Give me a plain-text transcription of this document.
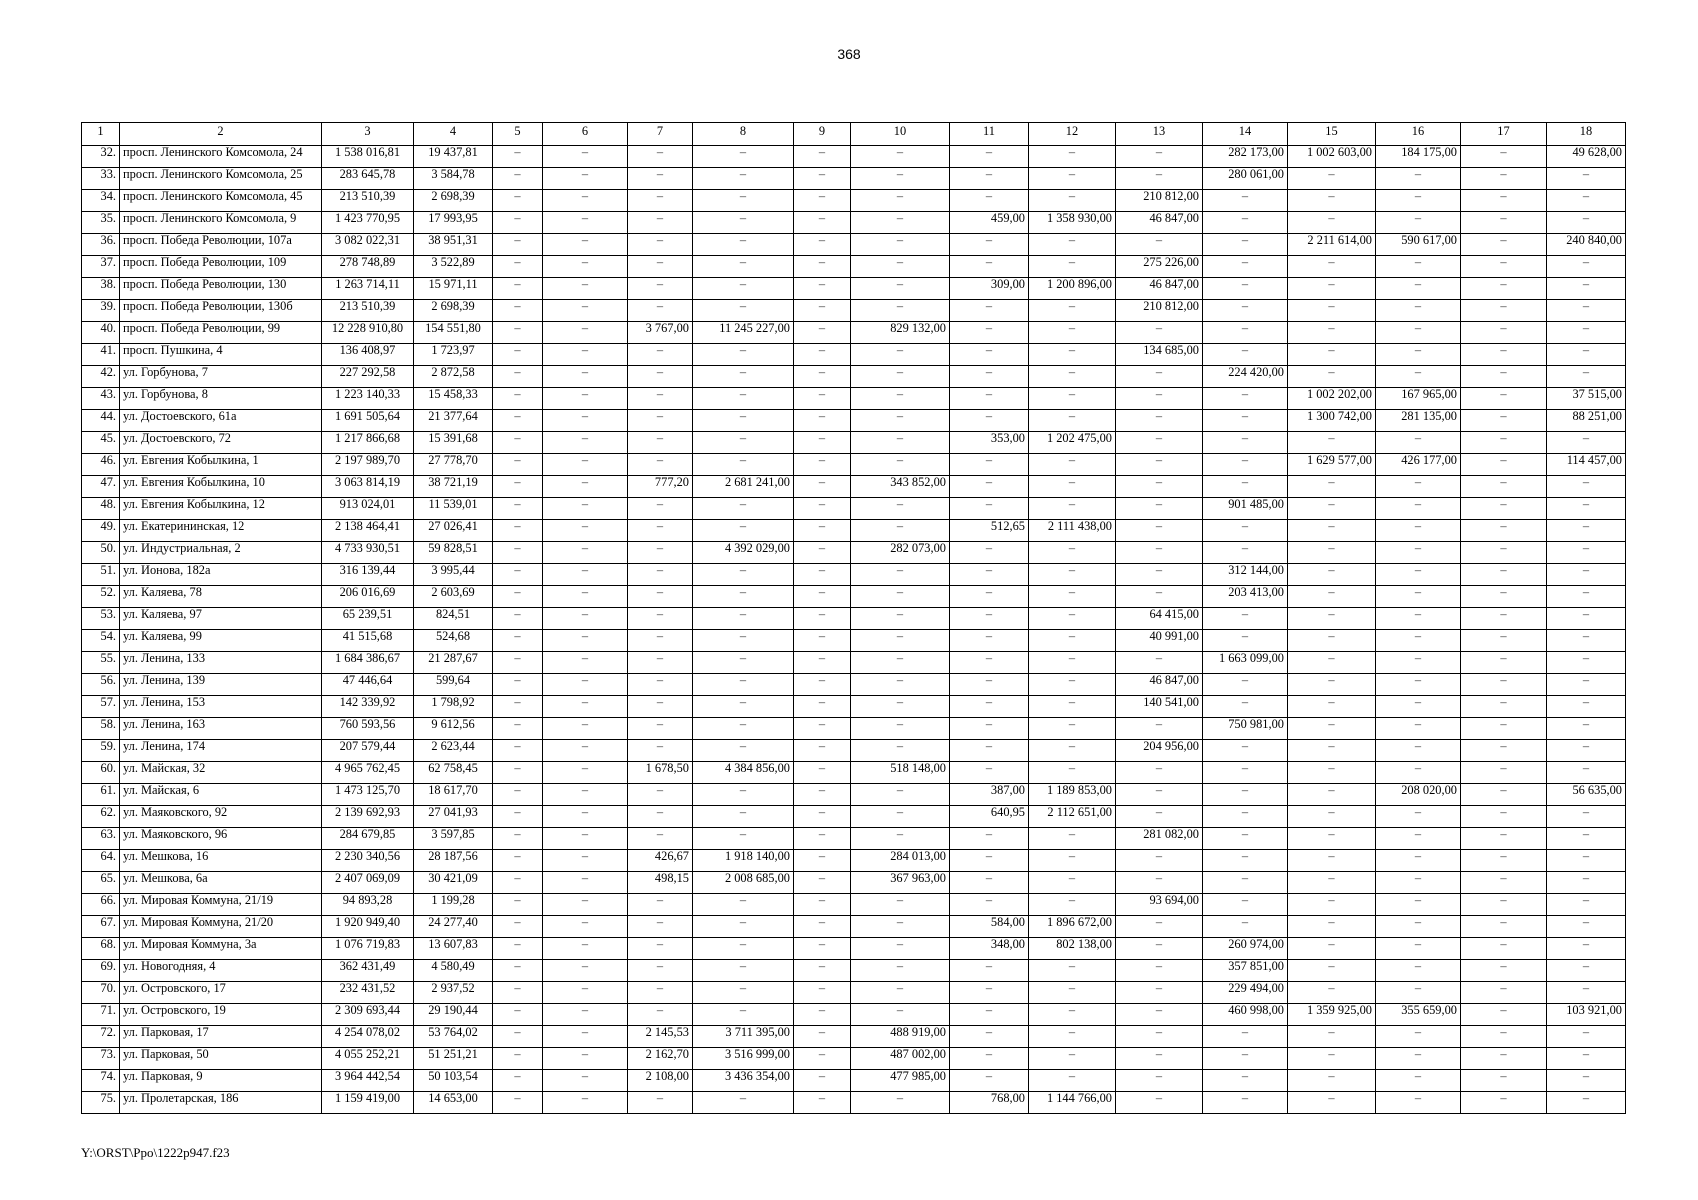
368
1	2	3	4	5	6	7	8	9	10	11	12	13	14	15	16	17	18
32.	просп. Ленинского Комсомола, 24	1 538 016,81	19 437,81	–	–	–	–	–	–	–	–	–	282 173,00	1 002 603,00	184 175,00	–	49 628,00
33.	просп. Ленинского Комсомола, 25	283 645,78	3 584,78	–	–	–	–	–	–	–	–	–	280 061,00	–	–	–	–
34.	просп. Ленинского Комсомола, 45	213 510,39	2 698,39	–	–	–	–	–	–	–	–	210 812,00	–	–	–	–	–
35.	просп. Ленинского Комсомола, 9	1 423 770,95	17 993,95	–	–	–	–	–	–	459,00	1 358 930,00	46 847,00	–	–	–	–	–
36.	просп. Победа Революции, 107а	3 082 022,31	38 951,31	–	–	–	–	–	–	–	–	–	–	2 211 614,00	590 617,00	–	240 840,00
37.	просп. Победа Революции, 109	278 748,89	3 522,89	–	–	–	–	–	–	–	–	275 226,00	–	–	–	–	–
38.	просп. Победа Революции, 130	1 263 714,11	15 971,11	–	–	–	–	–	–	309,00	1 200 896,00	46 847,00	–	–	–	–	–
39.	просп. Победа Революции, 130б	213 510,39	2 698,39	–	–	–	–	–	–	–	–	210 812,00	–	–	–	–	–
40.	просп. Победа Революции, 99	12 228 910,80	154 551,80	–	–	3 767,00	11 245 227,00	–	829 132,00	–	–	–	–	–	–	–	–
41.	просп. Пушкина, 4	136 408,97	1 723,97	–	–	–	–	–	–	–	–	134 685,00	–	–	–	–	–
42.	ул. Горбунова, 7	227 292,58	2 872,58	–	–	–	–	–	–	–	–	–	224 420,00	–	–	–	–
43.	ул. Горбунова, 8	1 223 140,33	15 458,33	–	–	–	–	–	–	–	–	–	–	1 002 202,00	167 965,00	–	37 515,00
44.	ул. Достоевского, 61а	1 691 505,64	21 377,64	–	–	–	–	–	–	–	–	–	–	1 300 742,00	281 135,00	–	88 251,00
45.	ул. Достоевского, 72	1 217 866,68	15 391,68	–	–	–	–	–	–	353,00	1 202 475,00	–	–	–	–	–	–
46.	ул. Евгения Кобылкина, 1	2 197 989,70	27 778,70	–	–	–	–	–	–	–	–	–	–	1 629 577,00	426 177,00	–	114 457,00
47.	ул. Евгения Кобылкина, 10	3 063 814,19	38 721,19	–	–	777,20	2 681 241,00	–	343 852,00	–	–	–	–	–	–	–	–
48.	ул. Евгения Кобылкина, 12	913 024,01	11 539,01	–	–	–	–	–	–	–	–	–	901 485,00	–	–	–	–
49.	ул. Екатерининская, 12	2 138 464,41	27 026,41	–	–	–	–	–	–	512,65	2 111 438,00	–	–	–	–	–	–
50.	ул. Индустриальная, 2	4 733 930,51	59 828,51	–	–	–	4 392 029,00	–	282 073,00	–	–	–	–	–	–	–	–
51.	ул. Ионова, 182а	316 139,44	3 995,44	–	–	–	–	–	–	–	–	–	312 144,00	–	–	–	–
52.	ул. Каляева, 78	206 016,69	2 603,69	–	–	–	–	–	–	–	–	–	203 413,00	–	–	–	–
53.	ул. Каляева, 97	65 239,51	824,51	–	–	–	–	–	–	–	–	64 415,00	–	–	–	–	–
54.	ул. Каляева, 99	41 515,68	524,68	–	–	–	–	–	–	–	–	40 991,00	–	–	–	–	–
55.	ул. Ленина, 133	1 684 386,67	21 287,67	–	–	–	–	–	–	–	–	–	1 663 099,00	–	–	–	–
56.	ул. Ленина, 139	47 446,64	599,64	–	–	–	–	–	–	–	–	46 847,00	–	–	–	–	–
57.	ул. Ленина, 153	142 339,92	1 798,92	–	–	–	–	–	–	–	–	140 541,00	–	–	–	–	–
58.	ул. Ленина, 163	760 593,56	9 612,56	–	–	–	–	–	–	–	–	–	750 981,00	–	–	–	–
59.	ул. Ленина, 174	207 579,44	2 623,44	–	–	–	–	–	–	–	–	204 956,00	–	–	–	–	–
60.	ул. Майская, 32	4 965 762,45	62 758,45	–	–	1 678,50	4 384 856,00	–	518 148,00	–	–	–	–	–	–	–	–
61.	ул. Майская, 6	1 473 125,70	18 617,70	–	–	–	–	–	–	387,00	1 189 853,00	–	–	–	208 020,00	–	56 635,00
62.	ул. Маяковского, 92	2 139 692,93	27 041,93	–	–	–	–	–	–	640,95	2 112 651,00	–	–	–	–	–	–
63.	ул. Маяковского, 96	284 679,85	3 597,85	–	–	–	–	–	–	–	–	281 082,00	–	–	–	–	–
64.	ул. Мешкова, 16	2 230 340,56	28 187,56	–	–	426,67	1 918 140,00	–	284 013,00	–	–	–	–	–	–	–	–
65.	ул. Мешкова, 6а	2 407 069,09	30 421,09	–	–	498,15	2 008 685,00	–	367 963,00	–	–	–	–	–	–	–	–
66.	ул. Мировая Коммуна, 21/19	94 893,28	1 199,28	–	–	–	–	–	–	–	–	93 694,00	–	–	–	–	–
67.	ул. Мировая Коммуна, 21/20	1 920 949,40	24 277,40	–	–	–	–	–	–	584,00	1 896 672,00	–	–	–	–	–	–
68.	ул. Мировая Коммуна, 3а	1 076 719,83	13 607,83	–	–	–	–	–	–	348,00	802 138,00	–	260 974,00	–	–	–	–
69.	ул. Новогодняя, 4	362 431,49	4 580,49	–	–	–	–	–	–	–	–	–	357 851,00	–	–	–	–
70.	ул. Островского, 17	232 431,52	2 937,52	–	–	–	–	–	–	–	–	–	229 494,00	–	–	–	–
71.	ул. Островского, 19	2 309 693,44	29 190,44	–	–	–	–	–	–	–	–	–	460 998,00	1 359 925,00	355 659,00	–	103 921,00
72.	ул. Парковая, 17	4 254 078,02	53 764,02	–	–	2 145,53	3 711 395,00	–	488 919,00	–	–	–	–	–	–	–	–
73.	ул. Парковая, 50	4 055 252,21	51 251,21	–	–	2 162,70	3 516 999,00	–	487 002,00	–	–	–	–	–	–	–	–
74.	ул. Парковая, 9	3 964 442,54	50 103,54	–	–	2 108,00	3 436 354,00	–	477 985,00	–	–	–	–	–	–	–	–
75.	ул. Пролетарская, 186	1 159 419,00	14 653,00	–	–	–	–	–	–	768,00	1 144 766,00	–	–	–	–	–	–
Y:\ORST\Ppo\1222p947.f23
